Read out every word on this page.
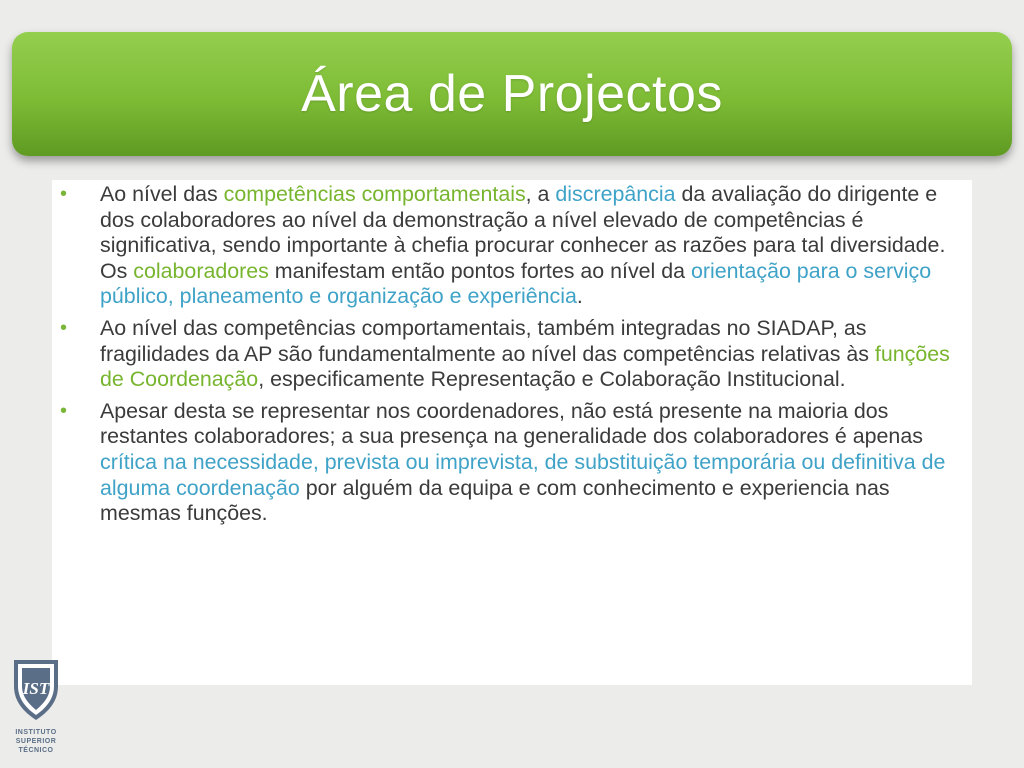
Área de Projectos
• Ao nível das competências comportamentais, a discrepância da avaliação do dirigente e dos colaboradores ao nível da demonstração a nível elevado de competências é significativa, sendo importante à chefia procurar conhecer as razões para tal diversidade. Os colaboradores manifestam então pontos fortes ao nível da orientação para o serviço público, planeamento e organização e experiência.
• Ao nível das competências comportamentais, também integradas no SIADAP, as fragilidades da AP são fundamentalmente ao nível das competências relativas às funções de Coordenação, especificamente Representação e Colaboração Institucional.
• Apesar desta se representar nos coordenadores, não está presente na maioria dos restantes colaboradores; a sua presença na generalidade dos colaboradores é apenas crítica na necessidade, prevista ou imprevista, de substituição temporária ou definitiva de alguma coordenação por alguém da equipa e com conhecimento e experiencia nas mesmas funções.
IST
INSTITUTO
SUPERIOR
TÉCNICO
